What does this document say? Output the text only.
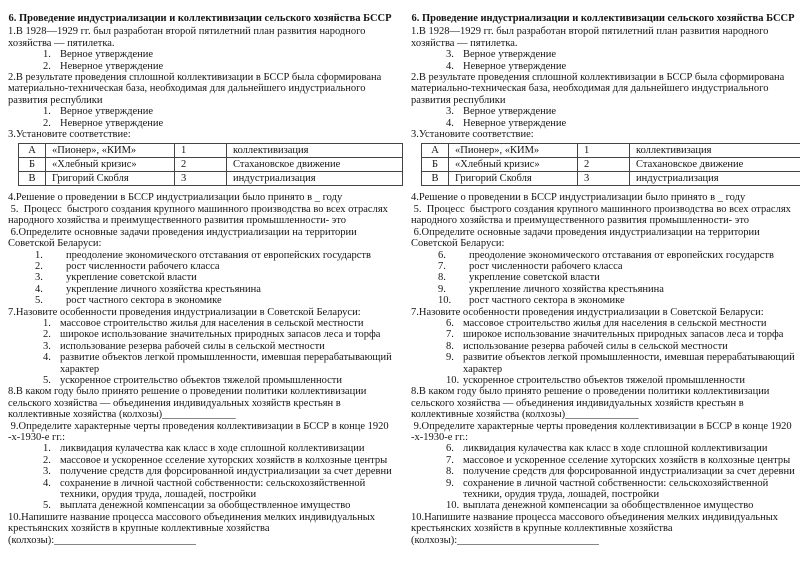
6. Проведение индустриализации и коллективизации сельского хозяйства БССР
1.В 1928—1929 гг. был разработан второй пятилетний план развития народного хозяйства — пятилетка.
1. Верное утверждение
2. Неверное утверждение
2.В результате проведения сплошной коллективизации в БССР была сформирована материально-техническая база, необходимая для дальнейшего индустриального развития республики
1. Верное утверждение
2. Неверное утверждение
3.Установите соответствие:
А	«Пионер», «КИМ»	1	коллективизация
Б	«Хлебный кризис»	2	Стахановское движение
В	Григорий Скобля	3	индустриализация
4.Решение о проведении в БССР индустриализации было принято в _ году
5.  Процесс  быстрого создания крупного машинного производства во всех отраслях народного хозяйства и преимущественного развития промышленности- это
6.Определите основные задачи проведения индустриализации на территории Советской Беларуси:
1.	преодоление экономического отставания от европейских государств
2.	рост численности рабочего класса
3.	укрепление советской власти
4.	укрепление личного хозяйства крестьянина
5.	рост частного сектора в экономике
7.Назовите особенности проведения индустриализации в Советской Беларуси:
1. массовое строительство жилья для населения в сельской местности
2. широкое использование значительных природных запасов леса и торфа
3. использование резерва рабочей силы в сельской местности
4. развитие объектов легкой промышленности, имевшая перерабатывающий характер
5. ускоренное строительство объектов тяжелой промышленности
8.В каком году было принято решение о проведении политики коллективизации сельского хозяйства — объединения индивидуальных хозяйств крестьян в коллективные хозяйства (колхозы)______________
9.Определите характерные черты проведения коллективизации в БССР в конце 1920 -х-1930-е гг.:
1. ликвидация кулачества как класс в ходе сплошной коллективизации
2. массовое и ускоренное сселение хуторских хозяйств в колхозные центры
3. получение средств для форсированной индустриализации за счет деревни
4. сохранение в личной частной собственности: сельскохозяйственной техники, орудия труда, лошадей, постройки
5. выплата денежной компенсации за обобществленное имущество
10.Напишите название процесса массового объединения мелких индивидуальных крестьянских хозяйств в крупные коллективные хозяйства (колхозы):___________________________
6. Проведение индустриализации и коллективизации сельского хозяйства БССР
1.В 1928—1929 гг. был разработан второй пятилетний план развития народного хозяйства — пятилетка.
3. Верное утверждение
4. Неверное утверждение
2.В результате проведения сплошной коллективизации в БССР была сформирована материально-техническая база, необходимая для дальнейшего индустриального развития республики
3. Верное утверждение
4. Неверное утверждение
3.Установите соответствие:
А	«Пионер», «КИМ»	1	коллективизация
Б	«Хлебный кризис»	2	Стахановское движение
В	Григорий Скобля	3	индустриализация
4.Решение о проведении в БССР индустриализации было принято в _ году
5.  Процесс  быстрого создания крупного машинного производства во всех отраслях народного хозяйства и преимущественного развития промышленности- это
6.Определите основные задачи проведения индустриализации на территории Советской Беларуси:
6.	преодоление экономического отставания от европейских государств
7.	рост численности рабочего класса
8.	укрепление советской власти
9.	укрепление личного хозяйства крестьянина
10.	рост частного сектора в экономике
7.Назовите особенности проведения индустриализации в Советской Беларуси:
6. массовое строительство жилья для населения в сельской местности
7. широкое использование значительных природных запасов леса и торфа
8. использование резерва рабочей силы в сельской местности
9. развитие объектов легкой промышленности, имевшая перерабатывающий характер
10. ускоренное строительство объектов тяжелой промышленности
8.В каком году было принято решение о проведении политики коллективизации сельского хозяйства — объединения индивидуальных хозяйств крестьян в коллективные хозяйства (колхозы)______________
9.Определите характерные черты проведения коллективизации в БССР в конце 1920 -х-1930-е гг.:
6. ликвидация кулачества как класс в ходе сплошной коллективизации
7. массовое и ускоренное сселение хуторских хозяйств в колхозные центры
8. получение средств для форсированной индустриализации за счет деревни
9. сохранение в личной частной собственности: сельскохозяйственной техники, орудия труда, лошадей, постройки
10. выплата денежной компенсации за обобществленное имущество
10.Напишите название процесса массового объединения мелких индивидуальных крестьянских хозяйств в крупные коллективные хозяйства (колхозы):___________________________
